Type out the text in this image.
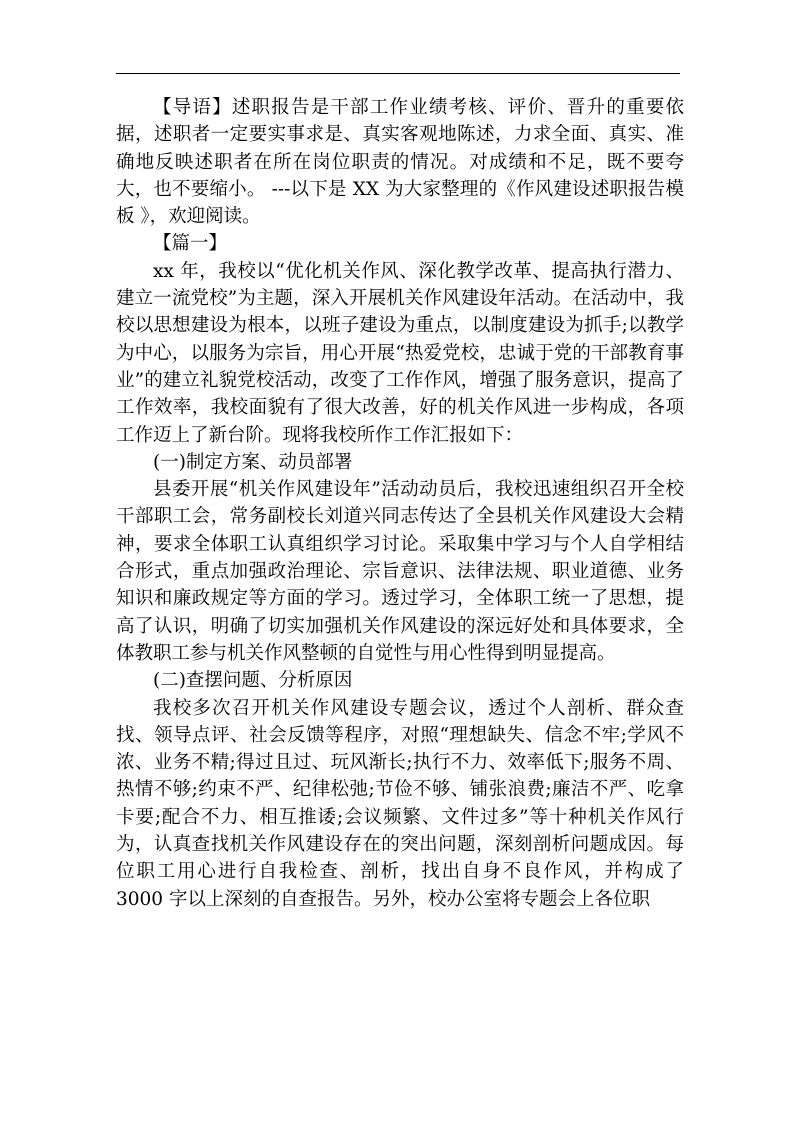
【导语】述职报告是干部工作业绩考核、评价、晋升的重要依据，述职者一定要实事求是、真实客观地陈述，力求全面、真实、准确地反映述职者在所在岗位职责的情况。对成绩和不足，既不要夸大，也不要缩小。 ---以下是 XX 为大家整理的《作风建设述职报告模板 》，欢迎阅读。

【篇一】

xx 年，我校以“优化机关作风、深化教学改革、提高执行潜力、建立一流党校”为主题，深入开展机关作风建设年活动。在活动中，我校以思想建设为根本，以班子建设为重点，以制度建设为抓手;以教学为中心，以服务为宗旨，用心开展“热爱党校，忠诚于党的干部教育事业”的建立礼貌党校活动，改变了工作作风，增强了服务意识，提高了工作效率，我校面貌有了很大改善，好的机关作风进一步构成，各项工作迈上了新台阶。现将我校所作工作汇报如下：

(一)制定方案、动员部署

县委开展“机关作风建设年”活动动员后，我校迅速组织召开全校干部职工会，常务副校长刘道兴同志传达了全县机关作风建设大会精神，要求全体职工认真组织学习讨论。采取集中学习与个人自学相结合形式，重点加强政治理论、宗旨意识、法律法规、职业道德、业务知识和廉政规定等方面的学习。透过学习，全体职工统一了思想，提高了认识，明确了切实加强机关作风建设的深远好处和具体要求，全体教职工参与机关作风整顿的自觉性与用心性得到明显提高。

(二)查摆问题、分析原因

我校多次召开机关作风建设专题会议，透过个人剖析、群众查找、领导点评、社会反馈等程序，对照“理想缺失、信念不牢;学风不浓、业务不精;得过且过、玩风渐长;执行不力、效率低下;服务不周、热情不够;约束不严、纪律松弛;节俭不够、铺张浪费;廉洁不严、吃拿卡要;配合不力、相互推诿;会议频繁、文件过多”等十种机关作风行为，认真查找机关作风建设存在的突出问题，深刻剖析问题成因。每位职工用心进行自我检查、剖析，找出自身不良作风，并构成了 3000 字以上深刻的自查报告。另外，校办公室将专题会上各位职
